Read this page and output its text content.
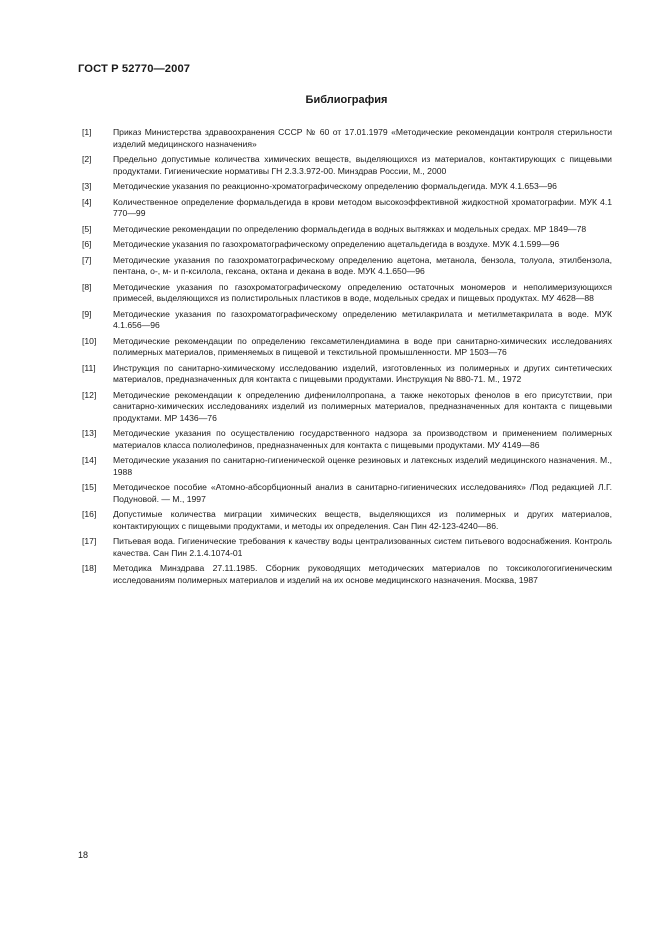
ГОСТ Р 52770—2007
Библиография
[1]	Приказ Министерства здравоохранения СССР № 60 от 17.01.1979 «Методические рекомендации контроля стерильности изделий медицинского назначения»
[2]	Предельно допустимые количества химических веществ, выделяющихся из материалов, контактирующих с пищевыми продуктами. Гигиенические нормативы ГН 2.3.3.972-00. Минздрав России, М., 2000
[3]	Методические указания по реакционно-хроматографическому определению формальдегида. МУК 4.1.653—96
[4]	Количественное определение формальдегида в крови методом высокоэффективной жидкостной хроматографии. МУК 4.1 770—99
[5]	Методические рекомендации по определению формальдегида в водных вытяжках и модельных средах. МР 1849—78
[6]	Методические указания по газохроматографическому определению ацетальдегида в воздухе. МУК 4.1.599—96
[7]	Методические указания по газохроматографическому определению ацетона, метанола, бензола, толуола, этилбензола, пентана, о-, м- и п-ксилола, гексана, октана и декана в воде. МУК 4.1.650—96
[8]	Методические указания по газохроматографическому определению остаточных мономеров и неполимеризующихся примесей, выделяющихся из полистирольных пластиков в воде, модельных средах и пищевых продуктах. МУ 4628—88
[9]	Методические указания по газохроматографическому определению метилакрилата и метилметакрилата в воде. МУК 4.1.656—96
[10]	Методические рекомендации по определению гексаметилендиамина в воде при санитарно-химических исследованиях полимерных материалов, применяемых в пищевой и текстильной промышленности. МР 1503—76
[11]	Инструкция по санитарно-химическому исследованию изделий, изготовленных из полимерных и других синтетических материалов, предназначенных для контакта с пищевыми продуктами. Инструкция № 880-71. М., 1972
[12]	Методические рекомендации к определению дифенилолпропана, а также некоторых фенолов в его присутствии, при санитарно-химических исследованиях изделий из полимерных материалов, предназначенных для контакта с пищевыми продуктами. МР 1436—76
[13]	Методические указания по осуществлению государственного надзора за производством и применением полимерных материалов класса полиолефинов, предназначенных для контакта с пищевыми продуктами. МУ 4149—86
[14]	Методические указания по санитарно-гигиенической оценке резиновых и латексных изделий медицинского назначения. М., 1988
[15]	Методическое пособие «Атомно-абсорбционный анализ в санитарно-гигиенических исследованиях» /Под редакцией Л.Г. Подуновой. — М., 1997
[16]	Допустимые количества миграции химических веществ, выделяющихся из полимерных и других материалов, контактирующих с пищевыми продуктами, и методы их определения. Сан Пин 42-123-4240—86.
[17]	Питьевая вода. Гигиенические требования к качеству воды централизованных систем питьевого водоснабжения. Контроль качества. Сан Пин 2.1.4.1074-01
[18]	Методика Минздрава 27.11.1985. Сборник руководящих методических материалов по токсикологогигиеническим исследованиям полимерных материалов и изделий на их основе медицинского назначения. Москва, 1987
18
